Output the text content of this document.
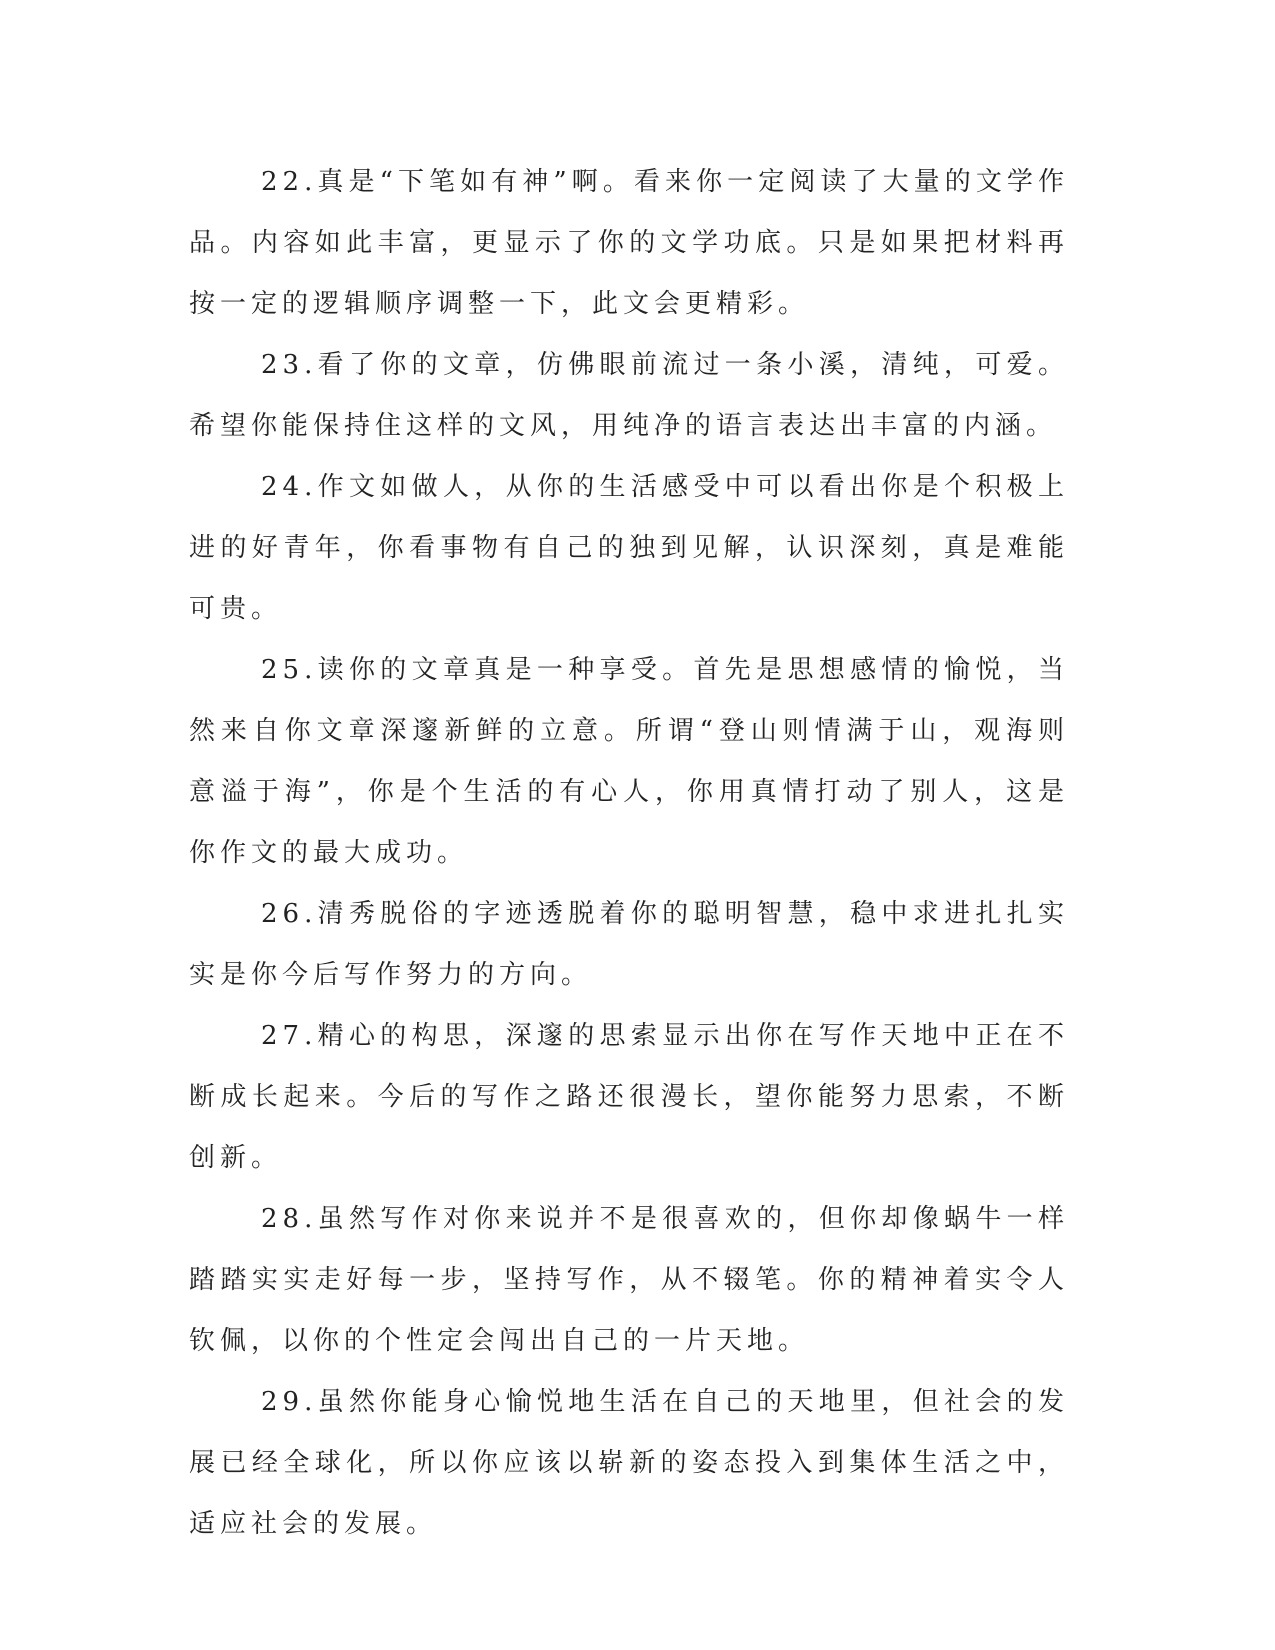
22.真是“下笔如有神”啊。看来你一定阅读了大量的文学作品。内容如此丰富，更显示了你的文学功底。只是如果把材料再按一定的逻辑顺序调整一下，此文会更精彩。

23.看了你的文章，仿佛眼前流过一条小溪，清纯，可爱。希望你能保持住这样的文风，用纯净的语言表达出丰富的内涵。

24.作文如做人，从你的生活感受中可以看出你是个积极上进的好青年，你看事物有自己的独到见解，认识深刻，真是难能可贵。

25.读你的文章真是一种享受。首先是思想感情的愉悦，当然来自你文章深邃新鲜的立意。所谓“登山则情满于山，观海则意溢于海”，你是个生活的有心人，你用真情打动了别人，这是你作文的最大成功。

26.清秀脱俗的字迹透脱着你的聪明智慧，稳中求进扎扎实实是你今后写作努力的方向。

27.精心的构思，深邃的思索显示出你在写作天地中正在不断成长起来。今后的写作之路还很漫长，望你能努力思索，不断创新。

28.虽然写作对你来说并不是很喜欢的，但你却像蜗牛一样踏踏实实走好每一步，坚持写作，从不辍笔。你的精神着实令人钦佩，以你的个性定会闯出自己的一片天地。

29.虽然你能身心愉悦地生活在自己的天地里，但社会的发展已经全球化，所以你应该以崭新的姿态投入到集体生活之中，适应社会的发展。
